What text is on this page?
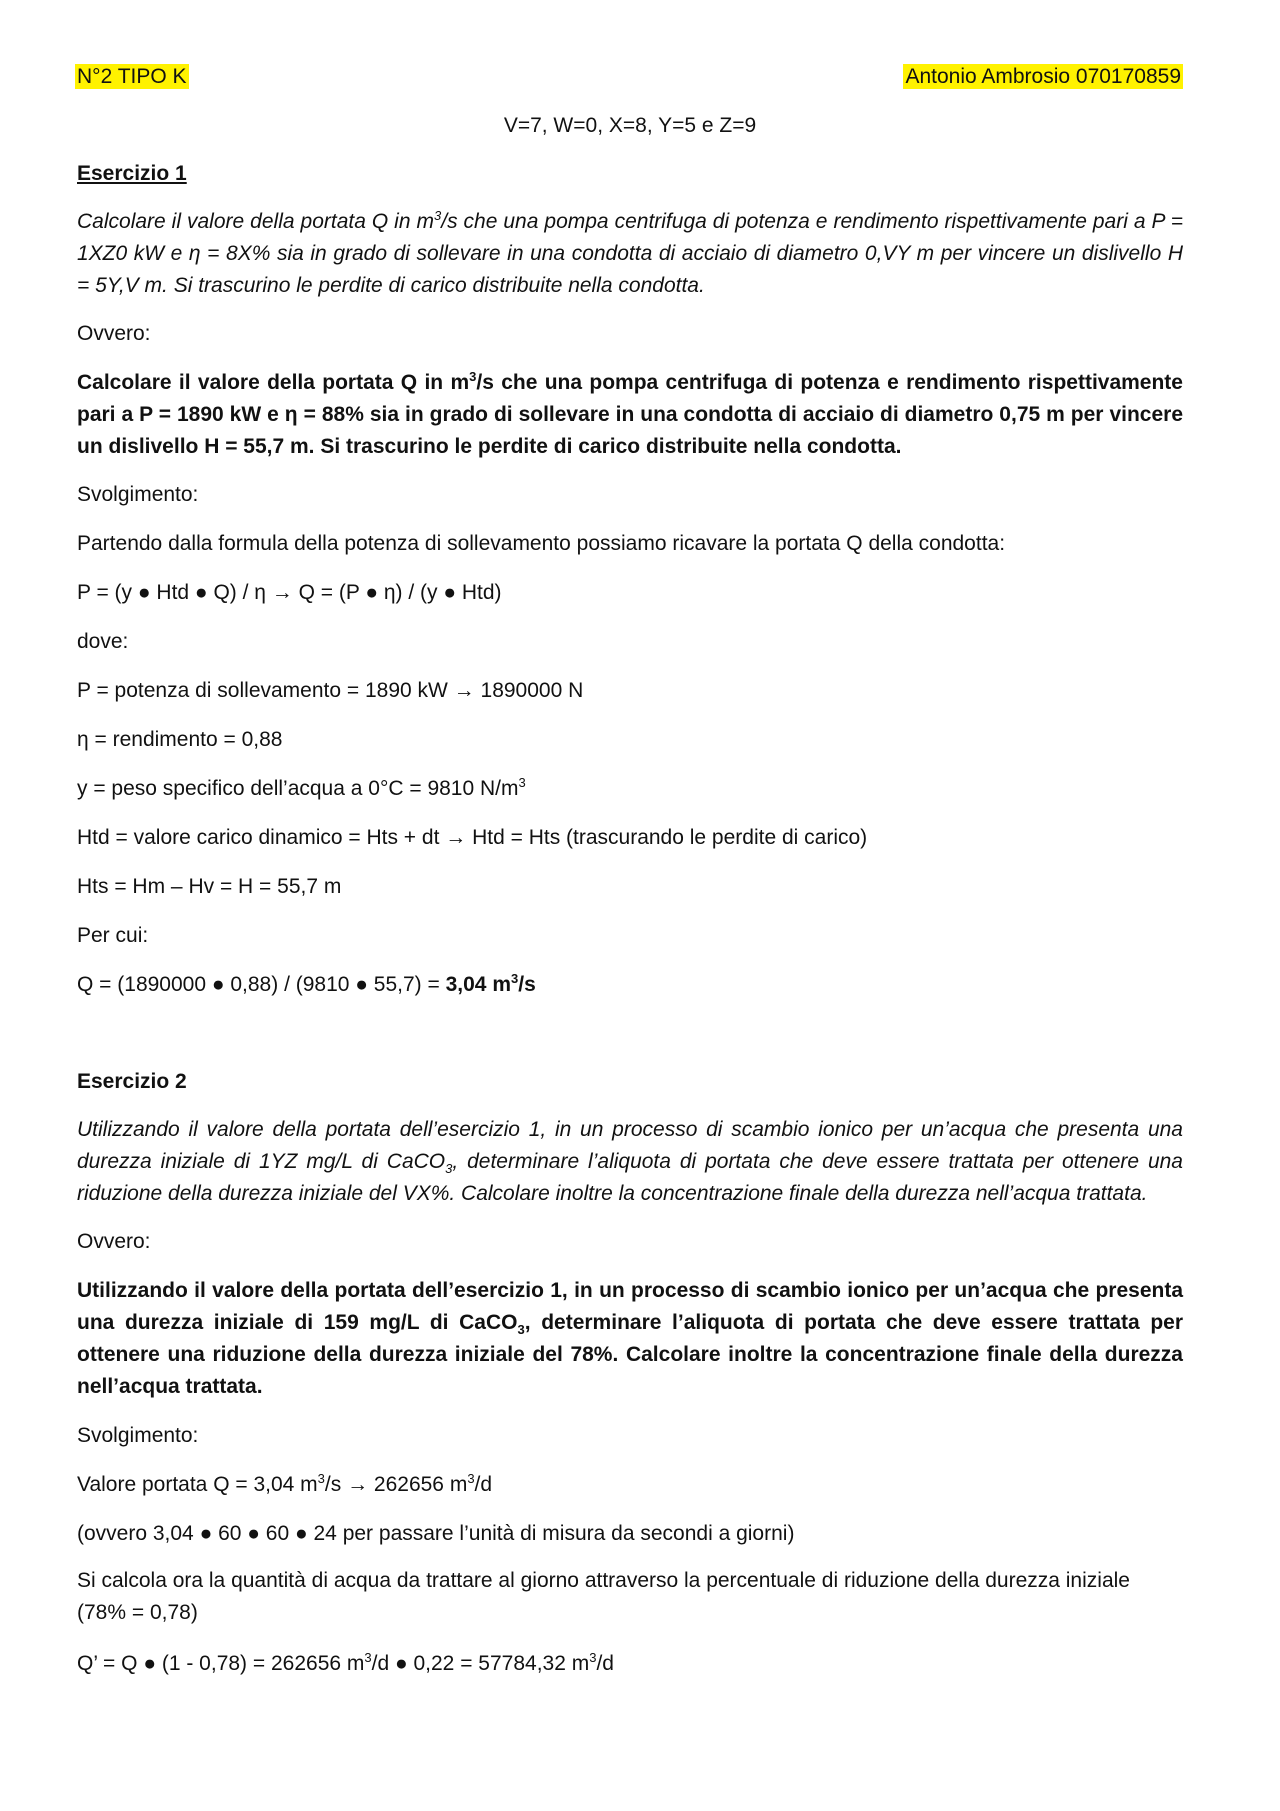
N°2 TIPO K	Antonio Ambrosio 070170859
V=7, W=0, X=8, Y=5 e Z=9
Esercizio 1

Calcolare il valore della portata Q in $m^3/s$ che una pompa centrifuga di potenza e rendimento rispettivamente pari a P = 1XZ0 kW e η = 8X% sia in grado di sollevare in una condotta di acciaio di diametro 0,VY m per vincere un dislivello H = 5Y,V m. Si trascurino le perdite di carico distribuite nella condotta.

Ovvero:

Calcolare il valore della portata Q in $m^3/s$ che una pompa centrifuga di potenza e rendimento rispettivamente pari a P = 1890 kW e η = 88% sia in grado di sollevare in una condotta di acciaio di diametro 0,75 m per vincere un dislivello H = 55,7 m. Si trascurino le perdite di carico distribuite nella condotta.

Svolgimento:
Partendo dalla formula della potenza di sollevamento possiamo ricavare la portata Q della condotta:
P = (y ● Htd ● Q) / η → Q = (P ● η) / (y ● Htd)
dove:
P = potenza di sollevamento = 1890 kW → 1890000 N
η = rendimento = 0,88
y = peso specifico dell’acqua a 0°C = 9810 $N/m^3$
Htd = valore carico dinamico = Hts + dt → Htd = Hts (trascurando le perdite di carico)
Hts = Hm – Hv = H = 55,7 m
Per cui:
Q = (1890000 ● 0,88) / (9810 ● 55,7) = 3,04 $m^3/s$
Esercizio 2

Utilizzando il valore della portata dell’esercizio 1, in un processo di scambio ionico per un’acqua che presenta una durezza iniziale di 1YZ mg/L di CaCO$_3$, determinare l’aliquota di portata che deve essere trattata per ottenere una riduzione della durezza iniziale del VX%. Calcolare inoltre la concentrazione finale della durezza nell’acqua trattata.

Ovvero:

Utilizzando il valore della portata dell’esercizio 1, in un processo di scambio ionico per un’acqua che presenta una durezza iniziale di 159 mg/L di CaCO$_3$, determinare l’aliquota di portata che deve essere trattata per ottenere una riduzione della durezza iniziale del 78%. Calcolare inoltre la concentrazione finale della durezza nell’acqua trattata.

Svolgimento:
Valore portata Q = 3,04 $m^3/s \to 262656$ $m^3/d$
(ovvero 3,04 ● 60 ● 60 ● 24 per passare l’unità di misura da secondi a giorni)

Si calcola ora la quantità di acqua da trattare al giorno attraverso la percentuale di riduzione della durezza iniziale (78% = 0,78)

Q’ = Q ● (1 - 0,78) = 262656 $m^3/d$ ● 0,22 = 57784,32 $m^3/d$
